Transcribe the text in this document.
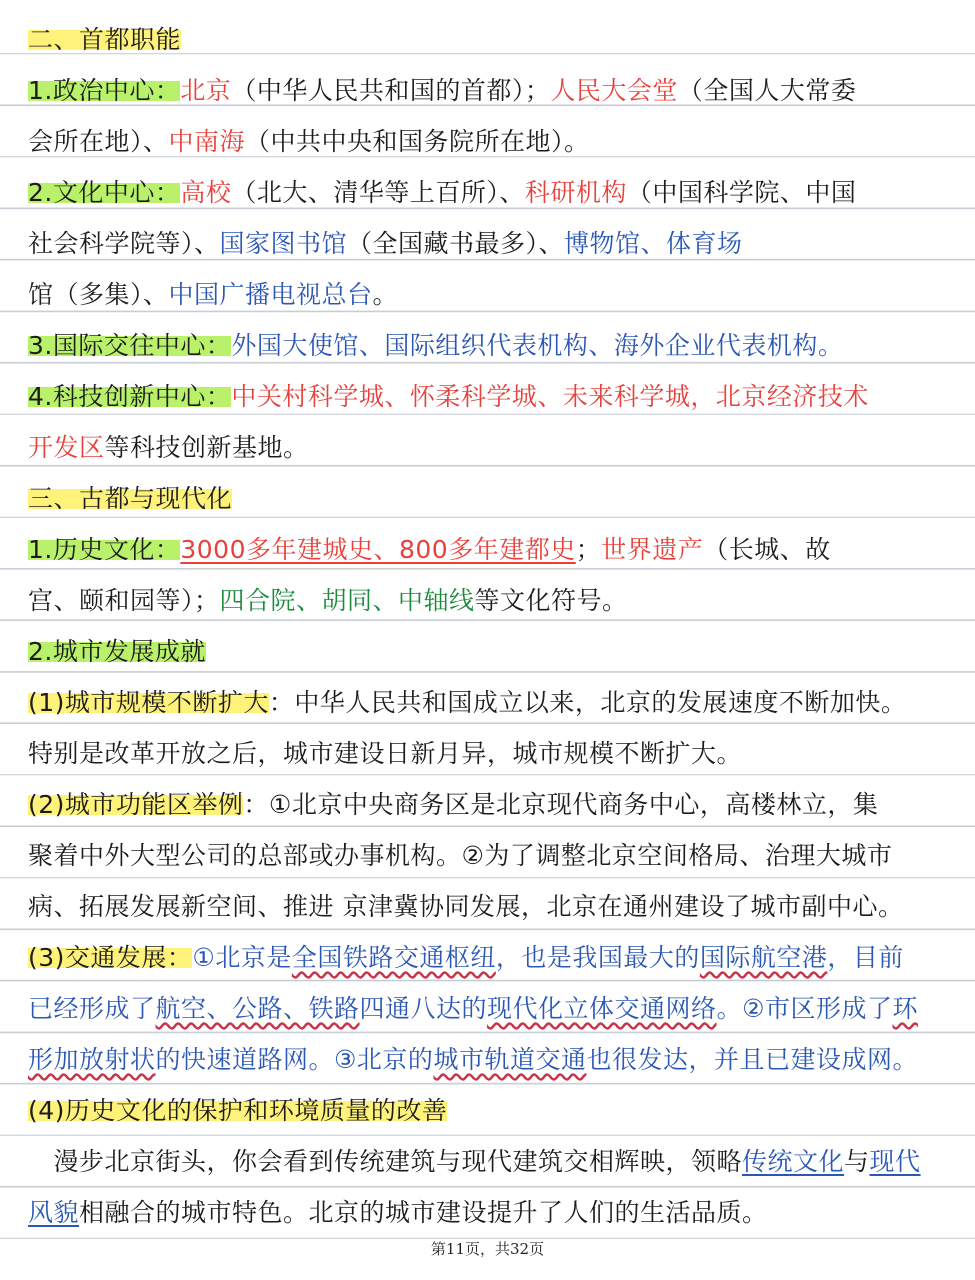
二、首都职能
1.政治中心：北京（中华人民共和国的首都）；人民大会堂（全国人大常委
会所在地）、中南海（中共中央和国务院所在地）。
2.文化中心：高校（北大、清华等上百所）、科研机构（中国科学院、中国
社会科学院等）、国家图书馆（全国藏书最多）、博物馆、体育场
馆（多集）、中国广播电视总台。
3.国际交往中心：外国大使馆、国际组织代表机构、海外企业代表机构。
4.科技创新中心：中关村科学城、怀柔科学城、未来科学城，北京经济技术
开发区等科技创新基地。
三、古都与现代化
1.历史文化：3000多年建城史、800多年建都史；世界遗产（长城、故
宫、颐和园等）；四合院、胡同、中轴线等文化符号。
2.城市发展成就
(1)城市规模不断扩大：中华人民共和国成立以来，北京的发展速度不断加快。
特别是改革开放之后，城市建设日新月异，城市规模不断扩大。
(2)城市功能区举例：①北京中央商务区是北京现代商务中心，高楼林立，集
聚着中外大型公司的总部或办事机构。②为了调整北京空间格局、治理大城市
病、拓展发展新空间、推进 京津冀协同发展，北京在通州建设了城市副中心。
(3)交通发展：①北京是全国铁路交通枢纽，也是我国最大的国际航空港，目前
已经形成了航空、公路、铁路四通八达的现代化立体交通网络。②市区形成了环
形加放射状的快速道路网。③北京的城市轨道交通也很发达，并且已建设成网。
(4)历史文化的保护和环境质量的改善
　漫步北京街头，你会看到传统建筑与现代建筑交相辉映，领略传统文化与现代
风貌相融合的城市特色。北京的城市建设提升了人们的生活品质。
第11页，共32页
